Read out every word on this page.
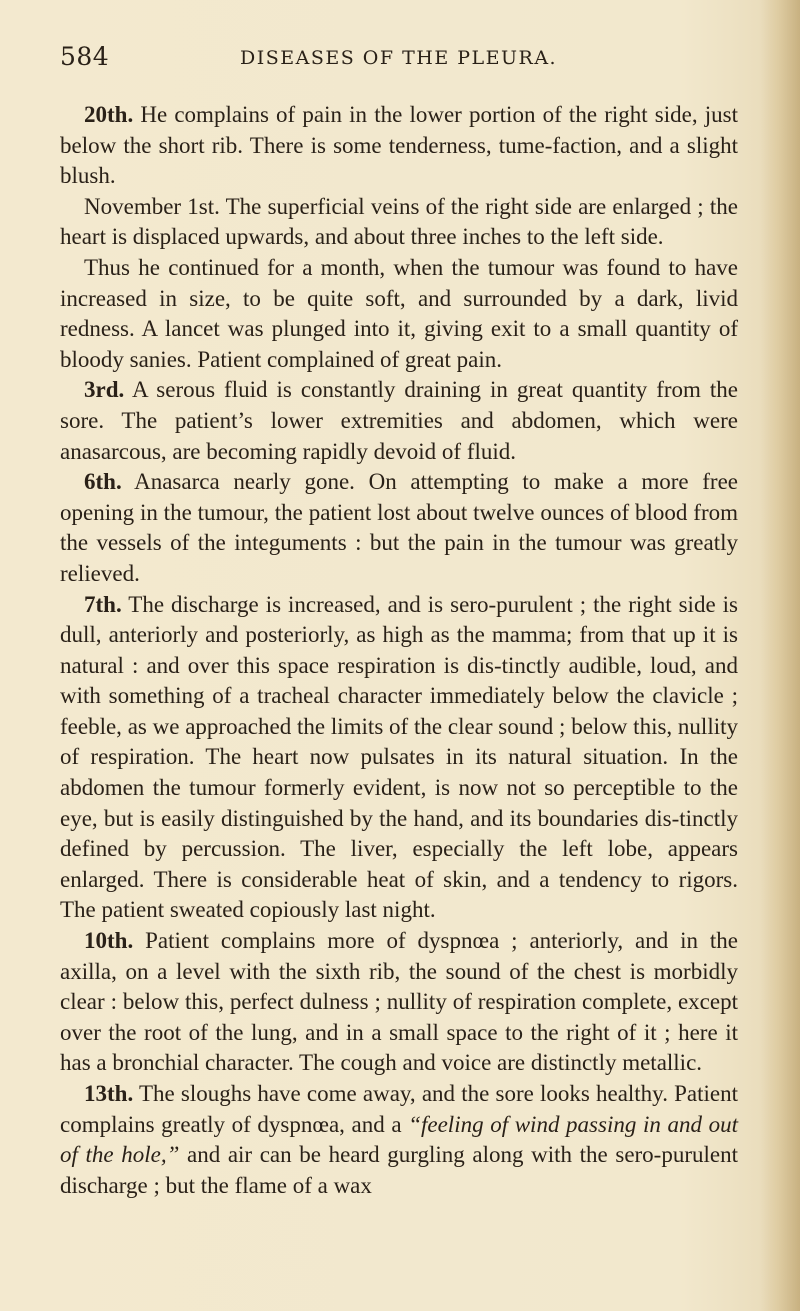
584	DISEASES OF THE PLEURA.

20th. He complains of pain in the lower portion of the right side, just below the short rib. There is some tenderness, tume-faction, and a slight blush.

November 1st. The superficial veins of the right side are enlarged ; the heart is displaced upwards, and about three inches to the left side.

Thus he continued for a month, when the tumour was found to have increased in size, to be quite soft, and surrounded by a dark, livid redness. A lancet was plunged into it, giving exit to a small quantity of bloody sanies. Patient complained of great pain.

3rd. A serous fluid is constantly draining in great quantity from the sore. The patient’s lower extremities and abdomen, which were anasarcous, are becoming rapidly devoid of fluid.

6th. Anasarca nearly gone. On attempting to make a more free opening in the tumour, the patient lost about twelve ounces of blood from the vessels of the integuments : but the pain in the tumour was greatly relieved.

7th. The discharge is increased, and is sero-purulent ; the right side is dull, anteriorly and posteriorly, as high as the mamma; from that up it is natural : and over this space respiration is dis-tinctly audible, loud, and with something of a tracheal character immediately below the clavicle ; feeble, as we approached the limits of the clear sound ; below this, nullity of respiration. The heart now pulsates in its natural situation. In the abdomen the tumour formerly evident, is now not so perceptible to the eye, but is easily distinguished by the hand, and its boundaries dis-tinctly defined by percussion. The liver, especially the left lobe, appears enlarged. There is considerable heat of skin, and a tendency to rigors. The patient sweated copiously last night.

10th. Patient complains more of dyspnœa ; anteriorly, and in the axilla, on a level with the sixth rib, the sound of the chest is morbidly clear : below this, perfect dulness ; nullity of respiration complete, except over the root of the lung, and in a small space to the right of it ; here it has a bronchial character. The cough and voice are distinctly metallic.

13th. The sloughs have come away, and the sore looks healthy. Patient complains greatly of dyspnœa, and a “feeling of wind passing in and out of the hole,” and air can be heard gurgling along with the sero-purulent discharge ; but the flame of a wax
